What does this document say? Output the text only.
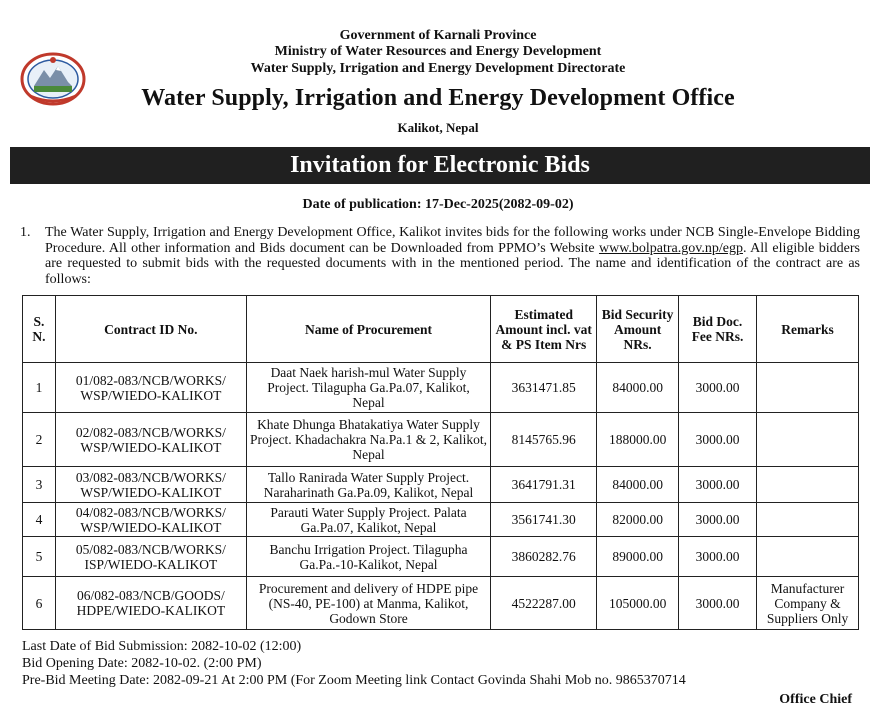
Government of Karnali Province
Ministry of Water Resources and Energy Development
Water Supply, Irrigation and Energy Development Directorate
Water Supply, Irrigation and Energy Development Office
Kalikot, Nepal
Invitation for Electronic Bids
Date of publication: 17-Dec-2025(2082-09-02)
1. The Water Supply, Irrigation and Energy Development Office, Kalikot invites bids for the following works under NCB Single-Envelope Bidding Procedure. All other information and Bids document can be Downloaded from PPMO’s Website www.bolpatra.gov.np/egp. All eligible bidders are requested to submit bids with the requested documents with in the mentioned period. The name and identification of the contract are as follows:
S. N.	Contract ID No.	Name of Procurement	Estimated Amount incl. vat & PS Item Nrs	Bid Security Amount NRs.	Bid Doc. Fee NRs.	Remarks
1	01/082-083/NCB/WORKS/
WSP/WIEDO-KALIKOT	Daat Naek harish-mul Water Supply Project. Tilagupha Ga.Pa.07, Kalikot, Nepal	3631471.85	84000.00	3000.00	
2	02/082-083/NCB/WORKS/
WSP/WIEDO-KALIKOT	Khate Dhunga Bhatakatiya Water Supply Project. Khadachakra Na.Pa.1 & 2, Kalikot, Nepal	8145765.96	188000.00	3000.00	
3	03/082-083/NCB/WORKS/
WSP/WIEDO-KALIKOT	Tallo Ranirada Water Supply Project. Naraharinath Ga.Pa.09, Kalikot, Nepal	3641791.31	84000.00	3000.00	
4	04/082-083/NCB/WORKS/
WSP/WIEDO-KALIKOT	Parauti Water Supply Project. Palata Ga.Pa.07, Kalikot, Nepal	3561741.30	82000.00	3000.00	
5	05/082-083/NCB/WORKS/
ISP/WIEDO-KALIKOT	Banchu Irrigation Project. Tilagupha Ga.Pa.-10-Kalikot, Nepal	3860282.76	89000.00	3000.00	
6	06/082-083/NCB/GOODS/
HDPE/WIEDO-KALIKOT	Procurement and delivery of HDPE pipe (NS-40, PE-100) at Manma, Kalikot, Godown Store	4522287.00	105000.00	3000.00	Manufacturer Company & Suppliers Only
Last Date of Bid Submission: 2082-10-02 (12:00)
Bid Opening Date: 2082-10-02. (2:00 PM)
Pre-Bid Meeting Date: 2082-09-21 At 2:00 PM (For Zoom Meeting link Contact Govinda Shahi Mob no. 9865370714
Office Chief
